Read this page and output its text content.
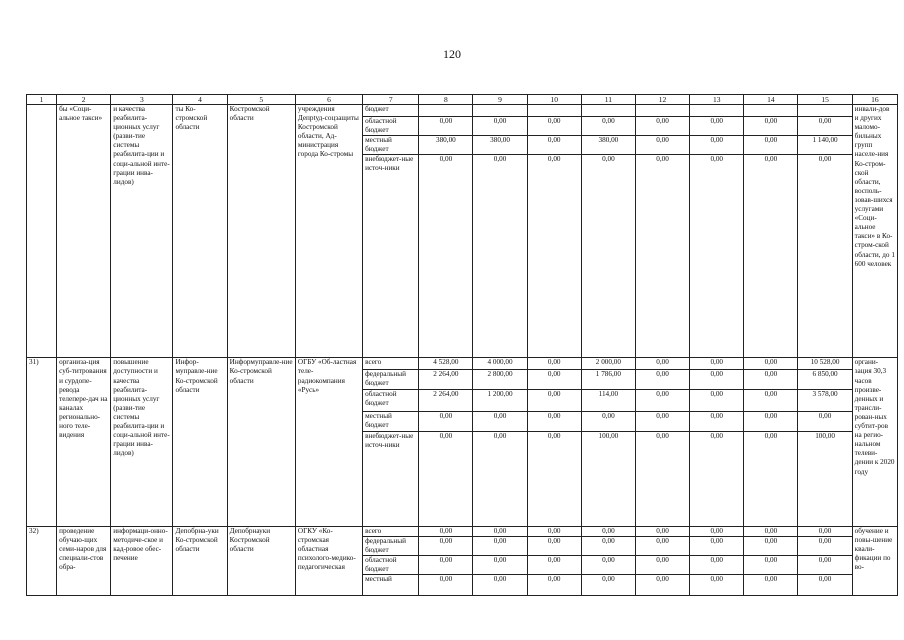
120
1	2	3	4	5	6	7	8	9	10	11	12	13	14	15	16
	бы «Соци-альное такси»	и качества реабилита-ционных услуг (разви-тие системы реабилита-ции и соци-альной инте-грации инва-лидов)	ты Ко-стромской области	Костромской области	учреждения Депрtуд-соцзащиты Костромской области, Ад-министрация города Ко-стромы	бюджет									инвали-дов и других маломо-бильных групп населе-ния Ко-стром-ской области, восполь-зовав-шихся услугами «Соци-альное такси» в Ко-стром-ской области, до 1 600 человек
						областной бюджет	0,00	0,00	0,00	0,00	0,00	0,00	0,00	0,00	
						местный бюджет	380,00	380,00	0,00	380,00	0,00	0,00	0,00	1 140,00	
						внебюджет-ные источ-ники	0,00	0,00	0,00	0,00	0,00	0,00	0,00	0,00	
31)	организа-ция суб-титрования и сурдопе-ревода телепере-дач на каналах регионально-ного теле-видения	повышение доступности и качества реабилита-ционных услуг (разви-тие системы реабилита-ции и соци-альной инте-грации инва-лидов)	Инфор-муправле-ние Ко-стромской области	Информуправле-ние Ко-стромской области	ОГБУ «Об-ластная теле-радиокомпания «Русь»	всего	4 528,00	4 000,00	0,00	2 000,00	0,00	0,00	0,00	10 528,00	органи-зация 30,3 часов произве-денных и трансли-рован-ных субтит-ров на регио-нальном телеви-дении к 2020 году
						федеральный бюджет	2 264,00	2 800,00	0,00	1 786,00	0,00	0,00	0,00	6 850,00	
						областной бюджет	2 264,00	1 200,00	0,00	114,00	0,00	0,00	0,00	3 578,00	
						местный бюджет	0,00	0,00	0,00	0,00	0,00	0,00	0,00	0,00	
						внебюджет-ные источ-ники	0,00	0,00	0,00	100,00	0,00	0,00	0,00	100,00	
32)	проведение обучаю-щих семи-наров для специали-стов обра-	информаци-онно-методиче-ское и кад-ровое обес-печение	Депобрна-уки Ко-стромской области	Депобрнауки Костромской области	ОГКУ «Ко-стромская областная психолого-медико-педагогическая	всего	0,00	0,00	0,00	0,00	0,00	0,00	0,00	0,00	обучение и повы-шение квали-фикации по во-
						федеральный бюджет	0,00	0,00	0,00	0,00	0,00	0,00	0,00	0,00	
						областной бюджет	0,00	0,00	0,00	0,00	0,00	0,00	0,00	0,00	
						местный	0,00	0,00	0,00	0,00	0,00	0,00	0,00	0,00	
